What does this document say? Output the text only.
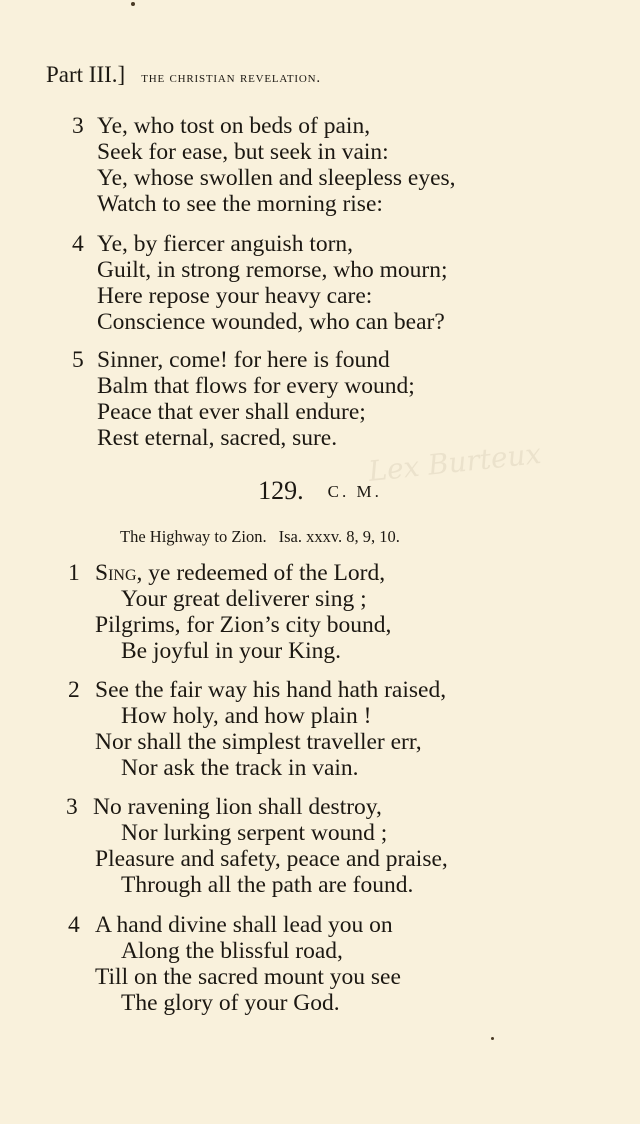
Part III.] the christian revelation.
3 Ye, who tost on beds of pain,
Seek for ease, but seek in vain:
Ye, whose swollen and sleepless eyes,
Watch to see the morning rise:
4 Ye, by fiercer anguish torn,
Guilt, in strong remorse, who mourn;
Here repose your heavy care:
Conscience wounded, who can bear?
5 Sinner, come! for here is found
Balm that flows for every wound;
Peace that ever shall endure;
Rest eternal, sacred, sure. Lex Burteux
129. C. M.
The Highway to Zion. Isa. xxxv. 8, 9, 10.
1 Sing, ye redeemed of the Lord,
Your great deliverer sing ;
Pilgrims, for Zion’s city bound,
Be joyful in your King.
2 See the fair way his hand hath raised,
How holy, and how plain !
Nor shall the simplest traveller err,
Nor ask the track in vain.
3 No ravening lion shall destroy,
Nor lurking serpent wound ;
Pleasure and safety, peace and praise,
Through all the path are found.
4 A hand divine shall lead you on
Along the blissful road,
Till on the sacred mount you see
The glory of your God.
